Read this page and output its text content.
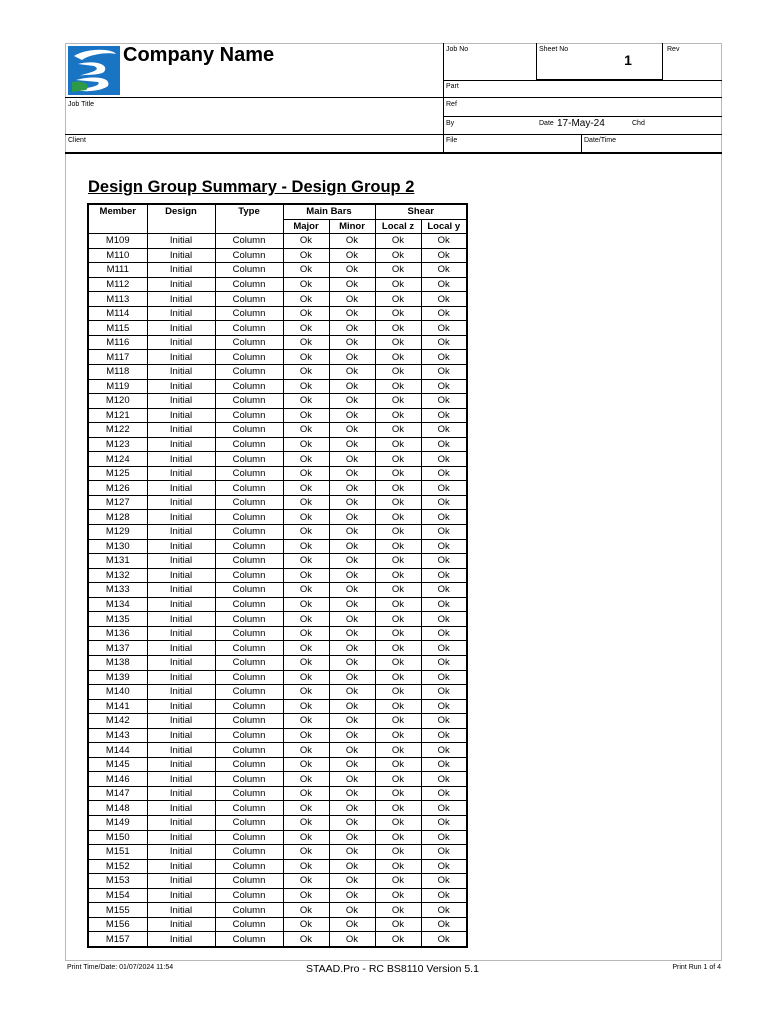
Company Name	Job No	Sheet No
1
Rev
Part
Job Title	Ref
By	Date 17-May-24	Chd
Client	File	Date/Time
Design Group Summary - Design Group 2
Member	Design	Type	Main Bars		Shear	
			Major	Minor	Local z	Local y
M109	Initial	Column	Ok	Ok	Ok	Ok
M110	Initial	Column	Ok	Ok	Ok	Ok
M111	Initial	Column	Ok	Ok	Ok	Ok
M112	Initial	Column	Ok	Ok	Ok	Ok
M113	Initial	Column	Ok	Ok	Ok	Ok
M114	Initial	Column	Ok	Ok	Ok	Ok
M115	Initial	Column	Ok	Ok	Ok	Ok
M116	Initial	Column	Ok	Ok	Ok	Ok
M117	Initial	Column	Ok	Ok	Ok	Ok
M118	Initial	Column	Ok	Ok	Ok	Ok
M119	Initial	Column	Ok	Ok	Ok	Ok
M120	Initial	Column	Ok	Ok	Ok	Ok
M121	Initial	Column	Ok	Ok	Ok	Ok
M122	Initial	Column	Ok	Ok	Ok	Ok
M123	Initial	Column	Ok	Ok	Ok	Ok
M124	Initial	Column	Ok	Ok	Ok	Ok
M125	Initial	Column	Ok	Ok	Ok	Ok
M126	Initial	Column	Ok	Ok	Ok	Ok
M127	Initial	Column	Ok	Ok	Ok	Ok
M128	Initial	Column	Ok	Ok	Ok	Ok
M129	Initial	Column	Ok	Ok	Ok	Ok
M130	Initial	Column	Ok	Ok	Ok	Ok
M131	Initial	Column	Ok	Ok	Ok	Ok
M132	Initial	Column	Ok	Ok	Ok	Ok
M133	Initial	Column	Ok	Ok	Ok	Ok
M134	Initial	Column	Ok	Ok	Ok	Ok
M135	Initial	Column	Ok	Ok	Ok	Ok
M136	Initial	Column	Ok	Ok	Ok	Ok
M137	Initial	Column	Ok	Ok	Ok	Ok
M138	Initial	Column	Ok	Ok	Ok	Ok
M139	Initial	Column	Ok	Ok	Ok	Ok
M140	Initial	Column	Ok	Ok	Ok	Ok
M141	Initial	Column	Ok	Ok	Ok	Ok
M142	Initial	Column	Ok	Ok	Ok	Ok
M143	Initial	Column	Ok	Ok	Ok	Ok
M144	Initial	Column	Ok	Ok	Ok	Ok
M145	Initial	Column	Ok	Ok	Ok	Ok
M146	Initial	Column	Ok	Ok	Ok	Ok
M147	Initial	Column	Ok	Ok	Ok	Ok
M148	Initial	Column	Ok	Ok	Ok	Ok
M149	Initial	Column	Ok	Ok	Ok	Ok
M150	Initial	Column	Ok	Ok	Ok	Ok
M151	Initial	Column	Ok	Ok	Ok	Ok
M152	Initial	Column	Ok	Ok	Ok	Ok
M153	Initial	Column	Ok	Ok	Ok	Ok
M154	Initial	Column	Ok	Ok	Ok	Ok
M155	Initial	Column	Ok	Ok	Ok	Ok
M156	Initial	Column	Ok	Ok	Ok	Ok
M157	Initial	Column	Ok	Ok	Ok	Ok
Print Time/Date: 01/07/2024 11:54	STAAD.Pro - RC BS8110 Version 5.1	Print Run 1 of 4
